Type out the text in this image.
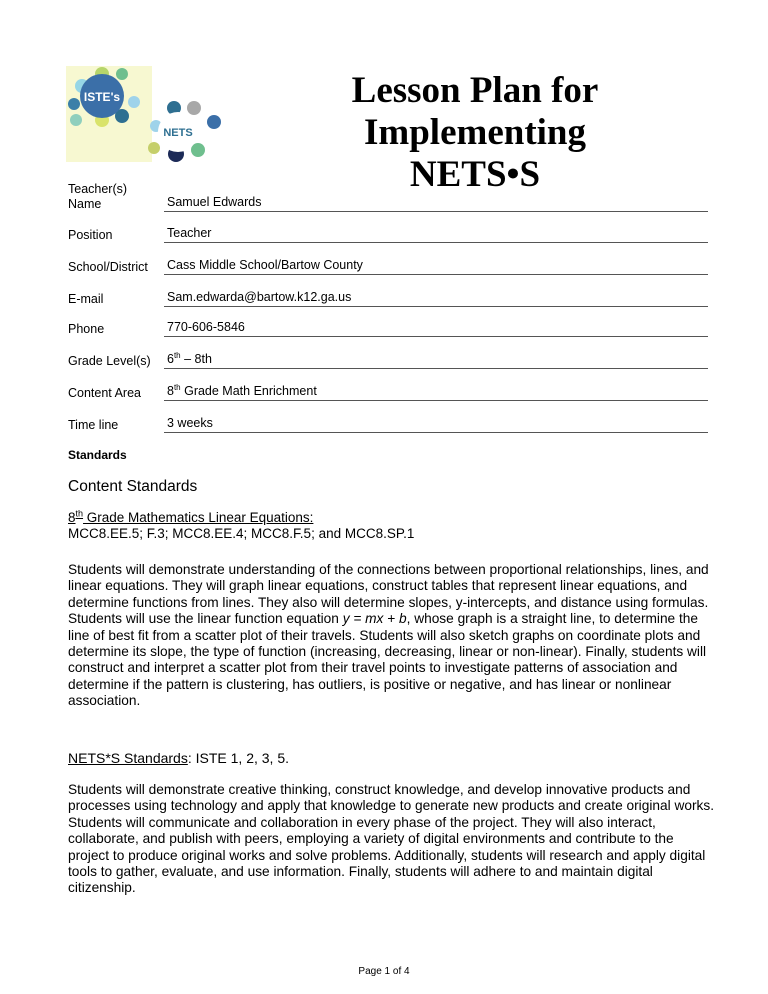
ISTE's
NETS
Lesson Plan for Implementing
NETS•S
Teacher(s) Name	Samuel Edwards
Position	Teacher
School/District	Cass Middle School/Bartow County
E-mail	Sam.edwarda@bartow.k12.ga.us
Phone	770-606-5846
Grade Level(s)	6th – 8th
Content Area	8th Grade Math Enrichment
Time line	3 weeks
Standards
Content Standards
8th Grade Mathematics Linear Equations:
MCC8.EE.5; F.3; MCC8.EE.4; MCC8.F.5; and MCC8.SP.1

Students will demonstrate understanding of the connections between proportional relationships, lines, and linear equations. They will graph linear equations, construct tables that represent linear equations, and determine functions from lines. They also will determine slopes, y-intercepts, and distance using formulas. Students will use the linear function equation y = mx + b, whose graph is a straight line, to determine the line of best fit from a scatter plot of their travels. Students will also sketch graphs on coordinate plots and determine its slope, the type of function (increasing, decreasing, linear or non-linear). Finally, students will construct and interpret a scatter plot from their travel points to investigate patterns of association and determine if the pattern is clustering, has outliers, is positive or negative, and has linear or nonlinear association.

NETS*S Standards: ISTE 1, 2, 3, 5.

Students will demonstrate creative thinking, construct knowledge, and develop innovative products and processes using technology and apply that knowledge to generate new products and create original works. Students will communicate and collaboration in every phase of the project. They will also interact, collaborate, and publish with peers, employing a variety of digital environments and contribute to the project to produce original works and solve problems. Additionally, students will research and apply digital tools to gather, evaluate, and use information. Finally, students will adhere to and maintain digital citizenship.

Page 1 of 4
